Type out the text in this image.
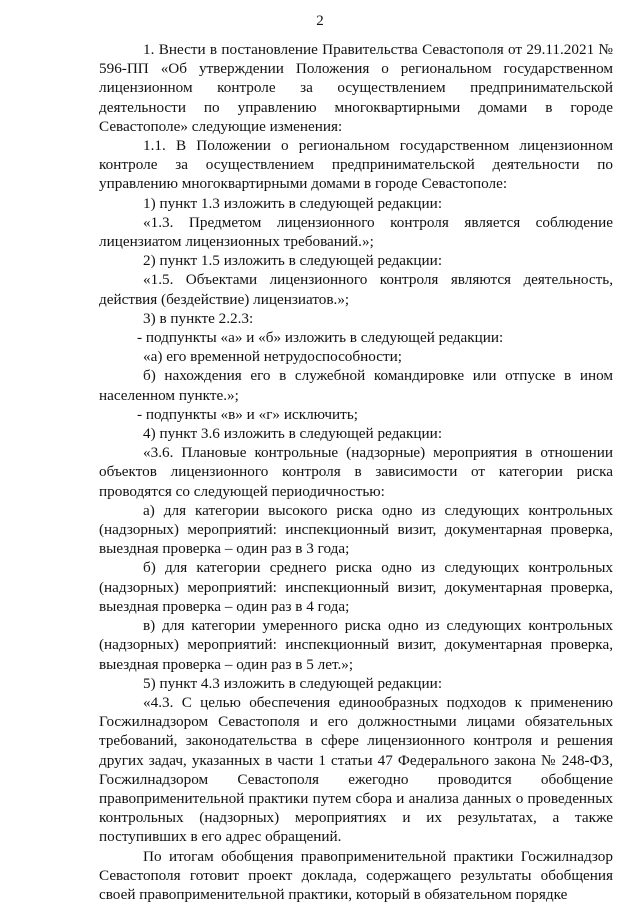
2

1. Внести в постановление Правительства Севастополя от 29.11.2021 № 596-ПП «Об утверждении Положения о региональном государственном лицензионном контроле за осуществлением предпринимательской деятельности по управлению многоквартирными домами в городе Севастополе» следующие изменения:

1.1. В Положении о региональном государственном лицензионном контроле за осуществлением предпринимательской деятельности по управлению многоквартирными домами в городе Севастополе:

1) пункт 1.3 изложить в следующей редакции:

«1.3. Предметом лицензионного контроля является соблюдение лицензиатом лицензионных требований.»;

2) пункт 1.5 изложить в следующей редакции:

«1.5. Объектами лицензионного контроля являются деятельность, действия (бездействие) лицензиатов.»;

3) в пункте 2.2.3:

- подпункты «а» и «б» изложить в следующей редакции:

«а) его временной нетрудоспособности;

б) нахождения его в служебной командировке или отпуске в ином населенном пункте.»;

- подпункты «в» и «г» исключить;

4) пункт 3.6 изложить в следующей редакции:

«3.6. Плановые контрольные (надзорные) мероприятия в отношении объектов лицензионного контроля в зависимости от категории риска проводятся со следующей периодичностью:

а) для категории высокого риска одно из следующих контрольных (надзорных) мероприятий: инспекционный визит, документарная проверка, выездная проверка – один раз в 3 года;

б) для категории среднего риска одно из следующих контрольных (надзорных) мероприятий: инспекционный визит, документарная проверка, выездная проверка – один раз в 4 года;

в) для категории умеренного риска одно из следующих контрольных (надзорных) мероприятий: инспекционный визит, документарная проверка, выездная проверка – один раз в 5 лет.»;

5) пункт 4.3 изложить в следующей редакции:

«4.3. С целью обеспечения единообразных подходов к применению Госжилнадзором Севастополя и его должностными лицами обязательных требований, законодательства в сфере лицензионного контроля и решения других задач, указанных в части 1 статьи 47 Федерального закона № 248-ФЗ, Госжилнадзором Севастополя ежегодно проводится обобщение правоприменительной практики путем сбора и анализа данных о проведенных контрольных (надзорных) мероприятиях и их результатах, а также поступивших в его адрес обращений.

По итогам обобщения правоприменительной практики Госжилнадзор Севастополя готовит проект доклада, содержащего результаты обобщения своей правоприменительной практики, который в обязательном порядке
